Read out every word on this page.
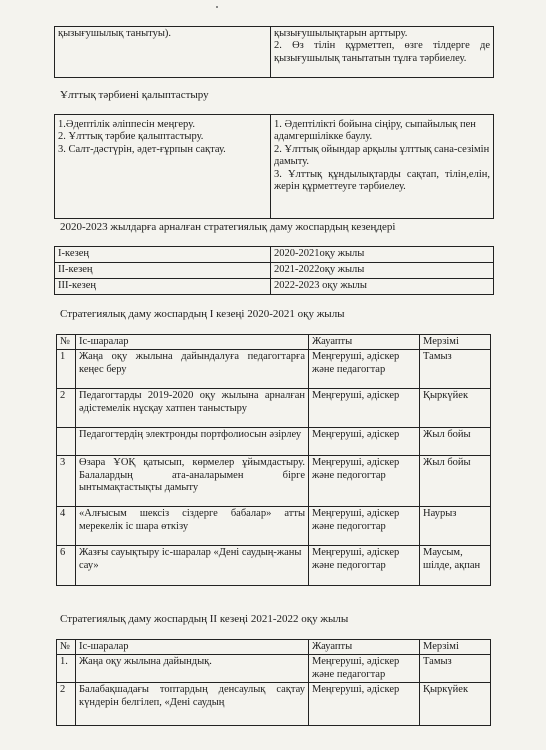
қызығушылық танытуы).	қызығушылықтарын арттыру.
2. Өз тілін құрметтеп, өзге тілдерге де қызығушылық танытатын тұлға тәрбиелеу.
Ұлттық тәрбиені қалыптастыру
1.Әдептілік әліппесін меңгеру.
2. Ұлттық тәрбие қалыптастыру.
3. Салт-дәстүрін, әдет-ғұрпын сақтау.

1. Әдептілікті бойына сіңіру, сыпайылық пен адамгершілікке баулу.
2. Ұлттық ойындар арқылы ұлттық сана-сезімін дамыту.
3. Ұлттық құндылықтарды сақтап, тілін,елін, жерін құрметтеуге тәрбиелеу.
2020-2023 жылдарға арналған стратегиялық даму жоспардың кезеңдері
І-кезең	2020-2021оқу жылы
ІІ-кезең	2021-2022оқу жылы
ІІІ-кезең	2022-2023 оқу жылы
Стратегиялық даму жоспардың І кезеңі 2020-2021 оқу жылы
№	Іс-шаралар	Жауапты	Мерзімі
1	Жаңа оқу жылына дайындалуға педагогтарға кеңес беру	Меңгеруші, әдіскер және педагогтар	Тамыз
2	Педагогтарды 2019-2020 оқу жылына арналған әдістемелік нұсқау хатпен таныстыру	Меңгеруші, әдіскер	Қыркүйек
	Педагогтердің электронды портфолиосын әзірлеу	Меңгеруші, әдіскер	Жыл бойы
3	Өзара ҰОҚ қатысып, көрмелер ұйымдастыру. Балалардың ата-аналарымен бірге ынтымақтастықты дамыту	Меңгеруші, әдіскер және педогогтар	Жыл бойы
4	«Алғысым шексіз сіздерге бабалар» атты мерекелік іс шара өткізу	Меңгеруші, әдіскер және педогогтар	Наурыз
6	Жазғы сауықтыру іс-шаралар «Дені саудың-жаны сау»	Меңгеруші, әдіскер және педогогтар	Маусым, шілде, ақпан
Стратегиялық даму жоспардың ІІ кезеңі 2021-2022 оқу жылы
№	Іс-шаралар	Жауапты	Мерзімі
1.	Жаңа оқу жылына дайындық.	Меңгеруші, әдіскер және педагогтар	Тамыз
2	Балабақшадағы топтардың денсаулық сақтау күндерін белгілеп, «Дені саудың	Меңгеруші, әдіскер	Қыркүйек
